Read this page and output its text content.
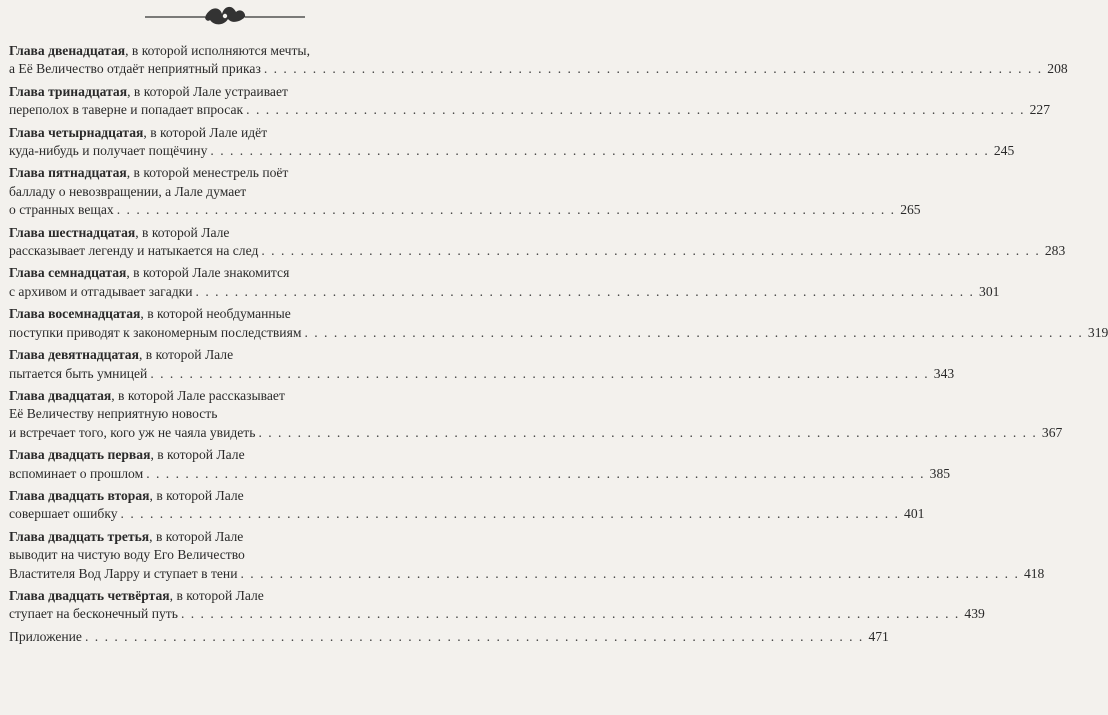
Глава двенадцатая, в которой исполняются мечты,
а Её Величество отдаёт неприятный приказ . . . . . . . . . . . . . . . . . . . . . . . . . . . . . . . . . . . . . . . . . . . . . . . . . . . . . . . . . . . . . . . . . . . . . . . . . . . . . . . . 208
Глава тринадцатая, в которой Лале устраивает
переполох в таверне и попадает впросак . . . . . . . . . . . . . . . . . . . . . . . . . . . . . . . . . . . . . . . . . . . . . . . . . . . . . . . . . . . . . . . . . . . . . . . . . . . . . . . . 227
Глава четырнадцатая, в которой Лале идёт
куда-нибудь и получает пощёчину . . . . . . . . . . . . . . . . . . . . . . . . . . . . . . . . . . . . . . . . . . . . . . . . . . . . . . . . . . . . . . . . . . . . . . . . . . . . . . . . 245
Глава пятнадцатая, в которой менестрель поёт
балладу о невозвращении, а Лале думает
о странных вещах . . . . . . . . . . . . . . . . . . . . . . . . . . . . . . . . . . . . . . . . . . . . . . . . . . . . . . . . . . . . . . . . . . . . . . . . . . . . . . . . 265
Глава шестнадцатая, в которой Лале
рассказывает легенду и натыкается на след . . . . . . . . . . . . . . . . . . . . . . . . . . . . . . . . . . . . . . . . . . . . . . . . . . . . . . . . . . . . . . . . . . . . . . . . . . . . . . . . 283
Глава семнадцатая, в которой Лале знакомится
с архивом и отгадывает загадки . . . . . . . . . . . . . . . . . . . . . . . . . . . . . . . . . . . . . . . . . . . . . . . . . . . . . . . . . . . . . . . . . . . . . . . . . . . . . . . . 301
Глава восемнадцатая, в которой необдуманные
поступки приводят к закономерным последствиям . . . . . . . . . . . . . . . . . . . . . . . . . . . . . . . . . . . . . . . . . . . . . . . . . . . . . . . . . . . . . . . . . . . . . . . . . . . . . . . . 319
Глава девятнадцатая, в которой Лале
пытается быть умницей . . . . . . . . . . . . . . . . . . . . . . . . . . . . . . . . . . . . . . . . . . . . . . . . . . . . . . . . . . . . . . . . . . . . . . . . . . . . . . . . 343
Глава двадцатая, в которой Лале рассказывает
Её Величеству неприятную новость
и встречает того, кого уж не чаяла увидеть . . . . . . . . . . . . . . . . . . . . . . . . . . . . . . . . . . . . . . . . . . . . . . . . . . . . . . . . . . . . . . . . . . . . . . . . . . . . . . . . 367
Глава двадцать первая, в которой Лале
вспоминает о прошлом . . . . . . . . . . . . . . . . . . . . . . . . . . . . . . . . . . . . . . . . . . . . . . . . . . . . . . . . . . . . . . . . . . . . . . . . . . . . . . . . 385
Глава двадцать вторая, в которой Лале
совершает ошибку . . . . . . . . . . . . . . . . . . . . . . . . . . . . . . . . . . . . . . . . . . . . . . . . . . . . . . . . . . . . . . . . . . . . . . . . . . . . . . . . 401
Глава двадцать третья, в которой Лале
выводит на чистую воду Его Величество
Властителя Вод Ларру и ступает в тени . . . . . . . . . . . . . . . . . . . . . . . . . . . . . . . . . . . . . . . . . . . . . . . . . . . . . . . . . . . . . . . . . . . . . . . . . . . . . . . . 418
Глава двадцать четвёртая, в которой Лале
ступает на бесконечный путь . . . . . . . . . . . . . . . . . . . . . . . . . . . . . . . . . . . . . . . . . . . . . . . . . . . . . . . . . . . . . . . . . . . . . . . . . . . . . . . . 439
Приложение . . . . . . . . . . . . . . . . . . . . . . . . . . . . . . . . . . . . . . . . . . . . . . . . . . . . . . . . . . . . . . . . . . . . . . . . . . . . . . . . 471
